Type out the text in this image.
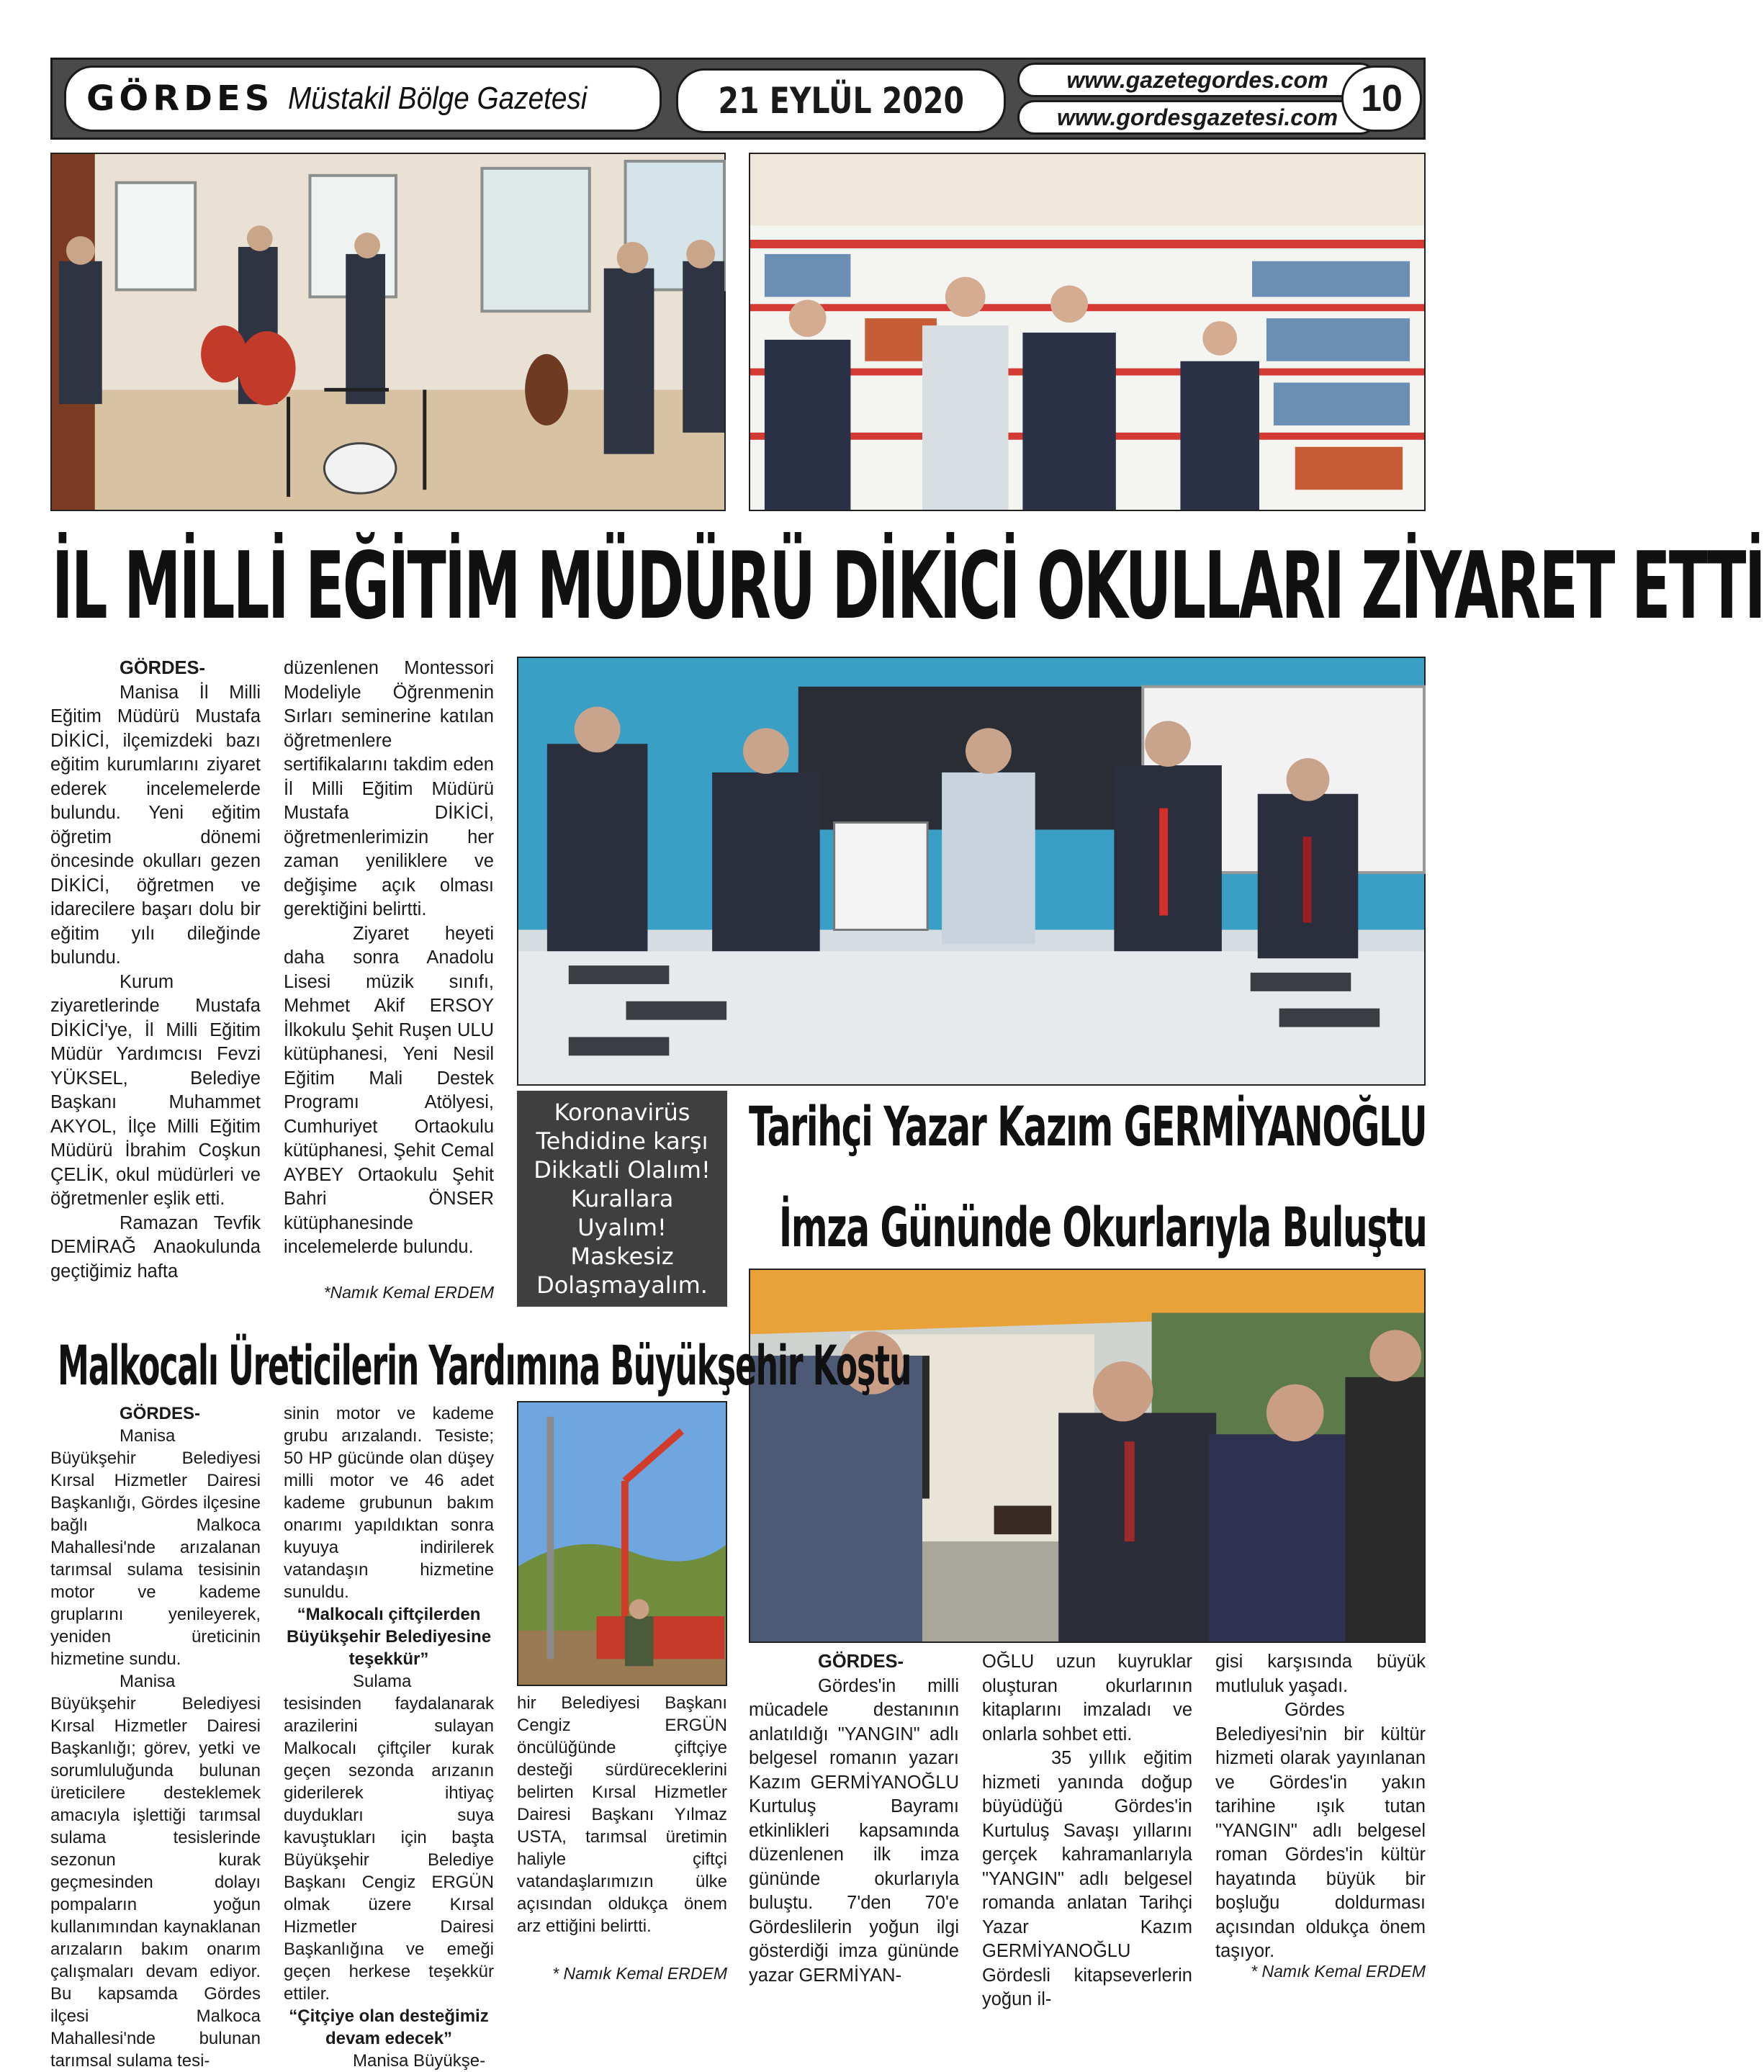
GÖRDES Müstakil Bölge Gazetesi	21 EYLÜL 2020
www.gazetegordes.com
www.gordesgazetesi.com 10
İL MİLLİ EĞİTİM MÜDÜRÜ DİKİCİ OKULLARI ZİYARET ETTİ

GÖRDES-

Manisa İl Milli Eğitim Müdürü Mustafa DİKİCİ, ilçemizdeki bazı eğitim kurumlarını ziyaret ederek incelemelerde bulundu. Yeni eğitim öğretim dönemi öncesinde okulları gezen DİKİCİ, öğretmen ve idarecilere başarı dolu bir eğitim yılı dileğinde bulundu.

Kurum ziyaretlerinde Mustafa DİKİCİ'ye, İl Milli Eğitim Müdür Yardımcısı Fevzi YÜKSEL, Belediye Başkanı Muhammet AKYOL, İlçe Milli Eğitim Müdürü İbrahim Coşkun ÇELİK, okul müdürleri ve öğretmenler eşlik etti.

Ramazan Tevfik DEMİRAĞ Anaokulunda geçtiğimiz hafta

düzenlenen Montessori Modeliyle Öğrenmenin Sırları seminerine katılan öğretmenlere sertifikalarını takdim eden İl Milli Eğitim Müdürü Mustafa DİKİCİ, öğretmenlerimizin her zaman yeniliklere ve değişime açık olması gerektiğini belirtti.

Ziyaret heyeti daha sonra Anadolu Lisesi müzik sınıfı, Mehmet Akif ERSOY İlkokulu Şehit Ruşen ULU kütüphanesi, Yeni Nesil Eğitim Mali Destek Programı Atölyesi, Cumhuriyet Ortaokulu kütüphanesi, Şehit Cemal AYBEY Ortaokulu Şehit Bahri ÖNSER kütüphanesinde incelemelerde bulundu.

*Namık Kemal ERDEM
Koronavirüs
Tehdidine karşı
Dikkatli Olalım!
Kurallara
Uyalım!
Maskesiz
Dolaşmayalım.
Tarihçi Yazar Kazım GERMİYANOĞLU
İmza Gününde Okurlarıyla Buluştu

GÖRDES-

Gördes'in milli mücadele destanının anlatıldığı "YANGIN" adlı belgesel romanın yazarı Kazım GERMİYANOĞLU Kurtuluş Bayramı etkinlikleri kapsamında düzenlenen ilk imza gününde okurlarıyla buluştu. 7'den 70'e Gördeslilerin yoğun ilgi gösterdiği imza gününde yazar GERMİYAN-

OĞLU uzun kuyruklar oluşturan okurlarının kitaplarını imzaladı ve onlarla sohbet etti.

35 yıllık eğitim hizmeti yanında doğup büyüdüğü Gördes'in Kurtuluş Savaşı yıllarını gerçek kahramanlarıyla "YANGIN" adlı belgesel romanda anlatan Tarihçi Yazar Kazım GERMİYANOĞLU Gördesli kitapseverlerin yoğun il-

gisi karşısında büyük mutluluk yaşadı.

Gördes Belediyesi'nin bir kültür hizmeti olarak yayınlanan ve Gördes'in yakın tarihine ışık tutan "YANGIN" adlı belgesel roman Gördes'in kültür hayatında büyük bir boşluğu doldurması açısından oldukça önem taşıyor.

* Namık Kemal ERDEM
Malkocalı Üreticilerin Yardımına Büyükşehir Koştu

GÖRDES-

Manisa Büyükşehir Belediyesi Kırsal Hizmetler Dairesi Başkanlığı, Gördes ilçesine bağlı Malkoca Mahallesi'nde arızalanan tarımsal sulama tesisinin motor ve kademe gruplarını yenileyerek, yeniden üreticinin hizmetine sundu.

Manisa Büyükşehir Belediyesi Kırsal Hizmetler Dairesi Başkanlığı; görev, yetki ve sorumluluğunda bulunan üreticilere desteklemek amacıyla işlettiği tarımsal sulama tesislerinde sezonun kurak geçmesinden dolayı pompaların yoğun kullanımından kaynaklanan arızaların bakım onarım çalışmaları devam ediyor. Bu kapsamda Gördes ilçesi Malkoca Mahallesi'nde bulunan tarımsal sulama tesi-

sinin motor ve kademe grubu arızalandı. Tesiste; 50 HP gücünde olan düşey milli motor ve 46 adet kademe grubunun bakım onarımı yapıldıktan sonra kuyuya indirilerek vatandaşın hizmetine sunuldu.

“Malkocalı çiftçilerden Büyükşehir Belediyesine teşekkür”

Sulama tesisinden faydalanarak arazilerini sulayan Malkocalı çiftçiler kurak geçen sezonda arızanın giderilerek ihtiyaç duydukları suya kavuştukları için başta Büyükşehir Belediye Başkanı Cengiz ERGÜN olmak üzere Kırsal Hizmetler Dairesi Başkanlığına ve emeği geçen herkese teşekkür ettiler.

“Çitçiye olan desteğimiz devam edecek”

Manisa Büyükşe-

hir Belediyesi Başkanı Cengiz ERGÜN öncülüğünde çiftçiye desteği sürdüreceklerini belirten Kırsal Hizmetler Dairesi Başkanı Yılmaz USTA, tarımsal üretimin haliyle çiftçi vatandaşlarımızın ülke açısından oldukça önem arz ettiğini belirtti.

* Namık Kemal ERDEM
